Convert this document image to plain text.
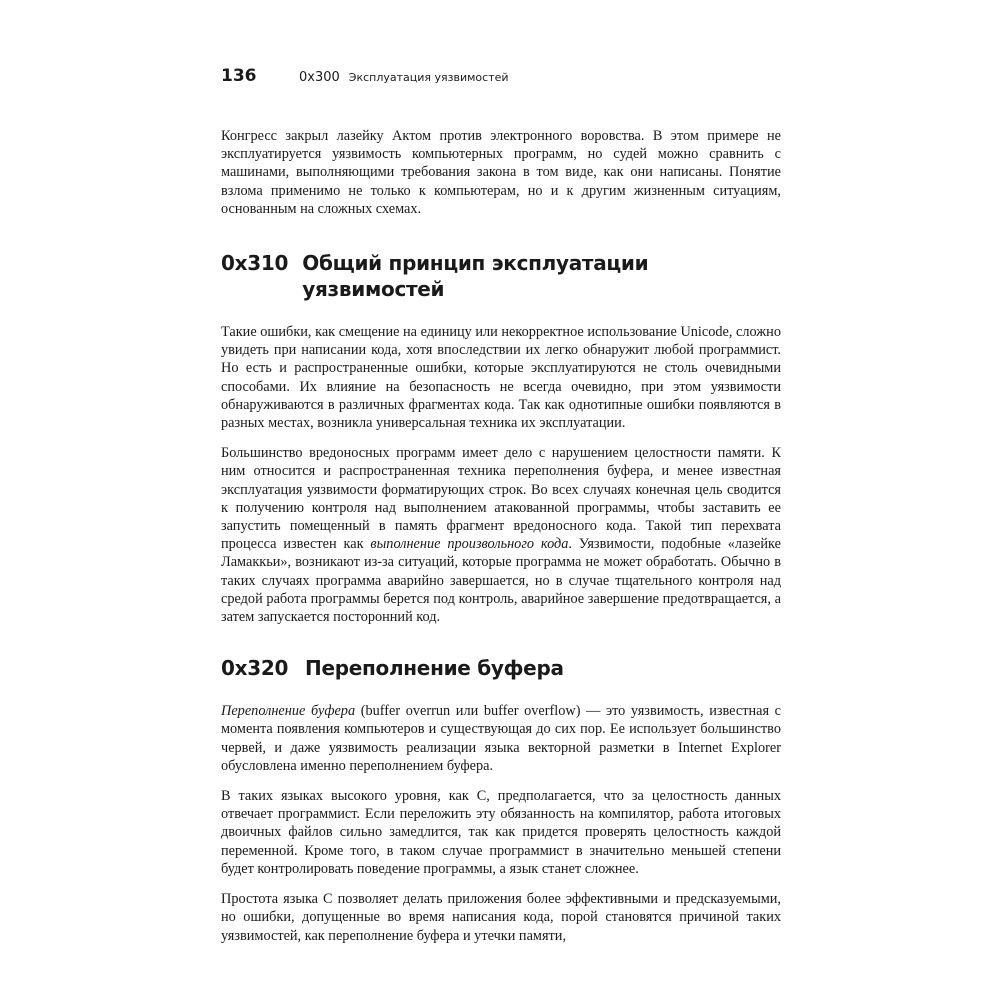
136	0x300 Эксплуатация уязвимостей

Конгресс закрыл лазейку Актом против электронного воровства. В этом примере не эксплуатируется уязвимость компьютерных программ, но судей можно сравнить с машинами, выполняющими требования закона в том виде, как они написаны. Понятие взлома применимо не только к компьютерам, но и к другим жизненным ситуациям, основанным на сложных схемах.

0x310 Общий принцип эксплуатации уязвимостей

Такие ошибки, как смещение на единицу или некорректное использование Unicode, сложно увидеть при написании кода, хотя впоследствии их легко обнаружит любой программист. Но есть и распространенные ошибки, которые эксплуатируются не столь очевидными способами. Их влияние на безопасность не всегда очевидно, при этом уязвимости обнаруживаются в различных фрагментах кода. Так как однотипные ошибки появляются в разных местах, возникла универсальная техника их эксплуатации.

Большинство вредоносных программ имеет дело с нарушением целостности памяти. К ним относится и распространенная техника переполнения буфера, и менее известная эксплуатация уязвимости форматирующих строк. Во всех случаях конечная цель сводится к получению контроля над выполнением атакованной программы, чтобы заставить ее запустить помещенный в память фрагмент вредоносного кода. Такой тип перехвата процесса известен как выполнение произвольного кода. Уязвимости, подобные «лазейке Ламаккьи», возникают из-за ситуаций, которые программа не может обработать. Обычно в таких случаях программа аварийно завершается, но в случае тщательного контроля над средой работа программы берется под контроль, аварийное завершение предотвращается, а затем запускается посторонний код.

0x320 Переполнение буфера

Переполнение буфера (buffer overrun или buffer overflow) — это уязвимость, известная с момента появления компьютеров и существующая до сих пор. Ее использует большинство червей, и даже уязвимость реализации языка векторной разметки в Internet Explorer обусловлена именно переполнением буфера.

В таких языках высокого уровня, как С, предполагается, что за целостность данных отвечает программист. Если переложить эту обязанность на компилятор, работа итоговых двоичных файлов сильно замедлится, так как придется проверять целостность каждой переменной. Кроме того, в таком случае программист в значительно меньшей степени будет контролировать поведение программы, а язык станет сложнее.

Простота языка С позволяет делать приложения более эффективными и предсказуемыми, но ошибки, допущенные во время написания кода, порой становятся причиной таких уязвимостей, как переполнение буфера и утечки памяти,
